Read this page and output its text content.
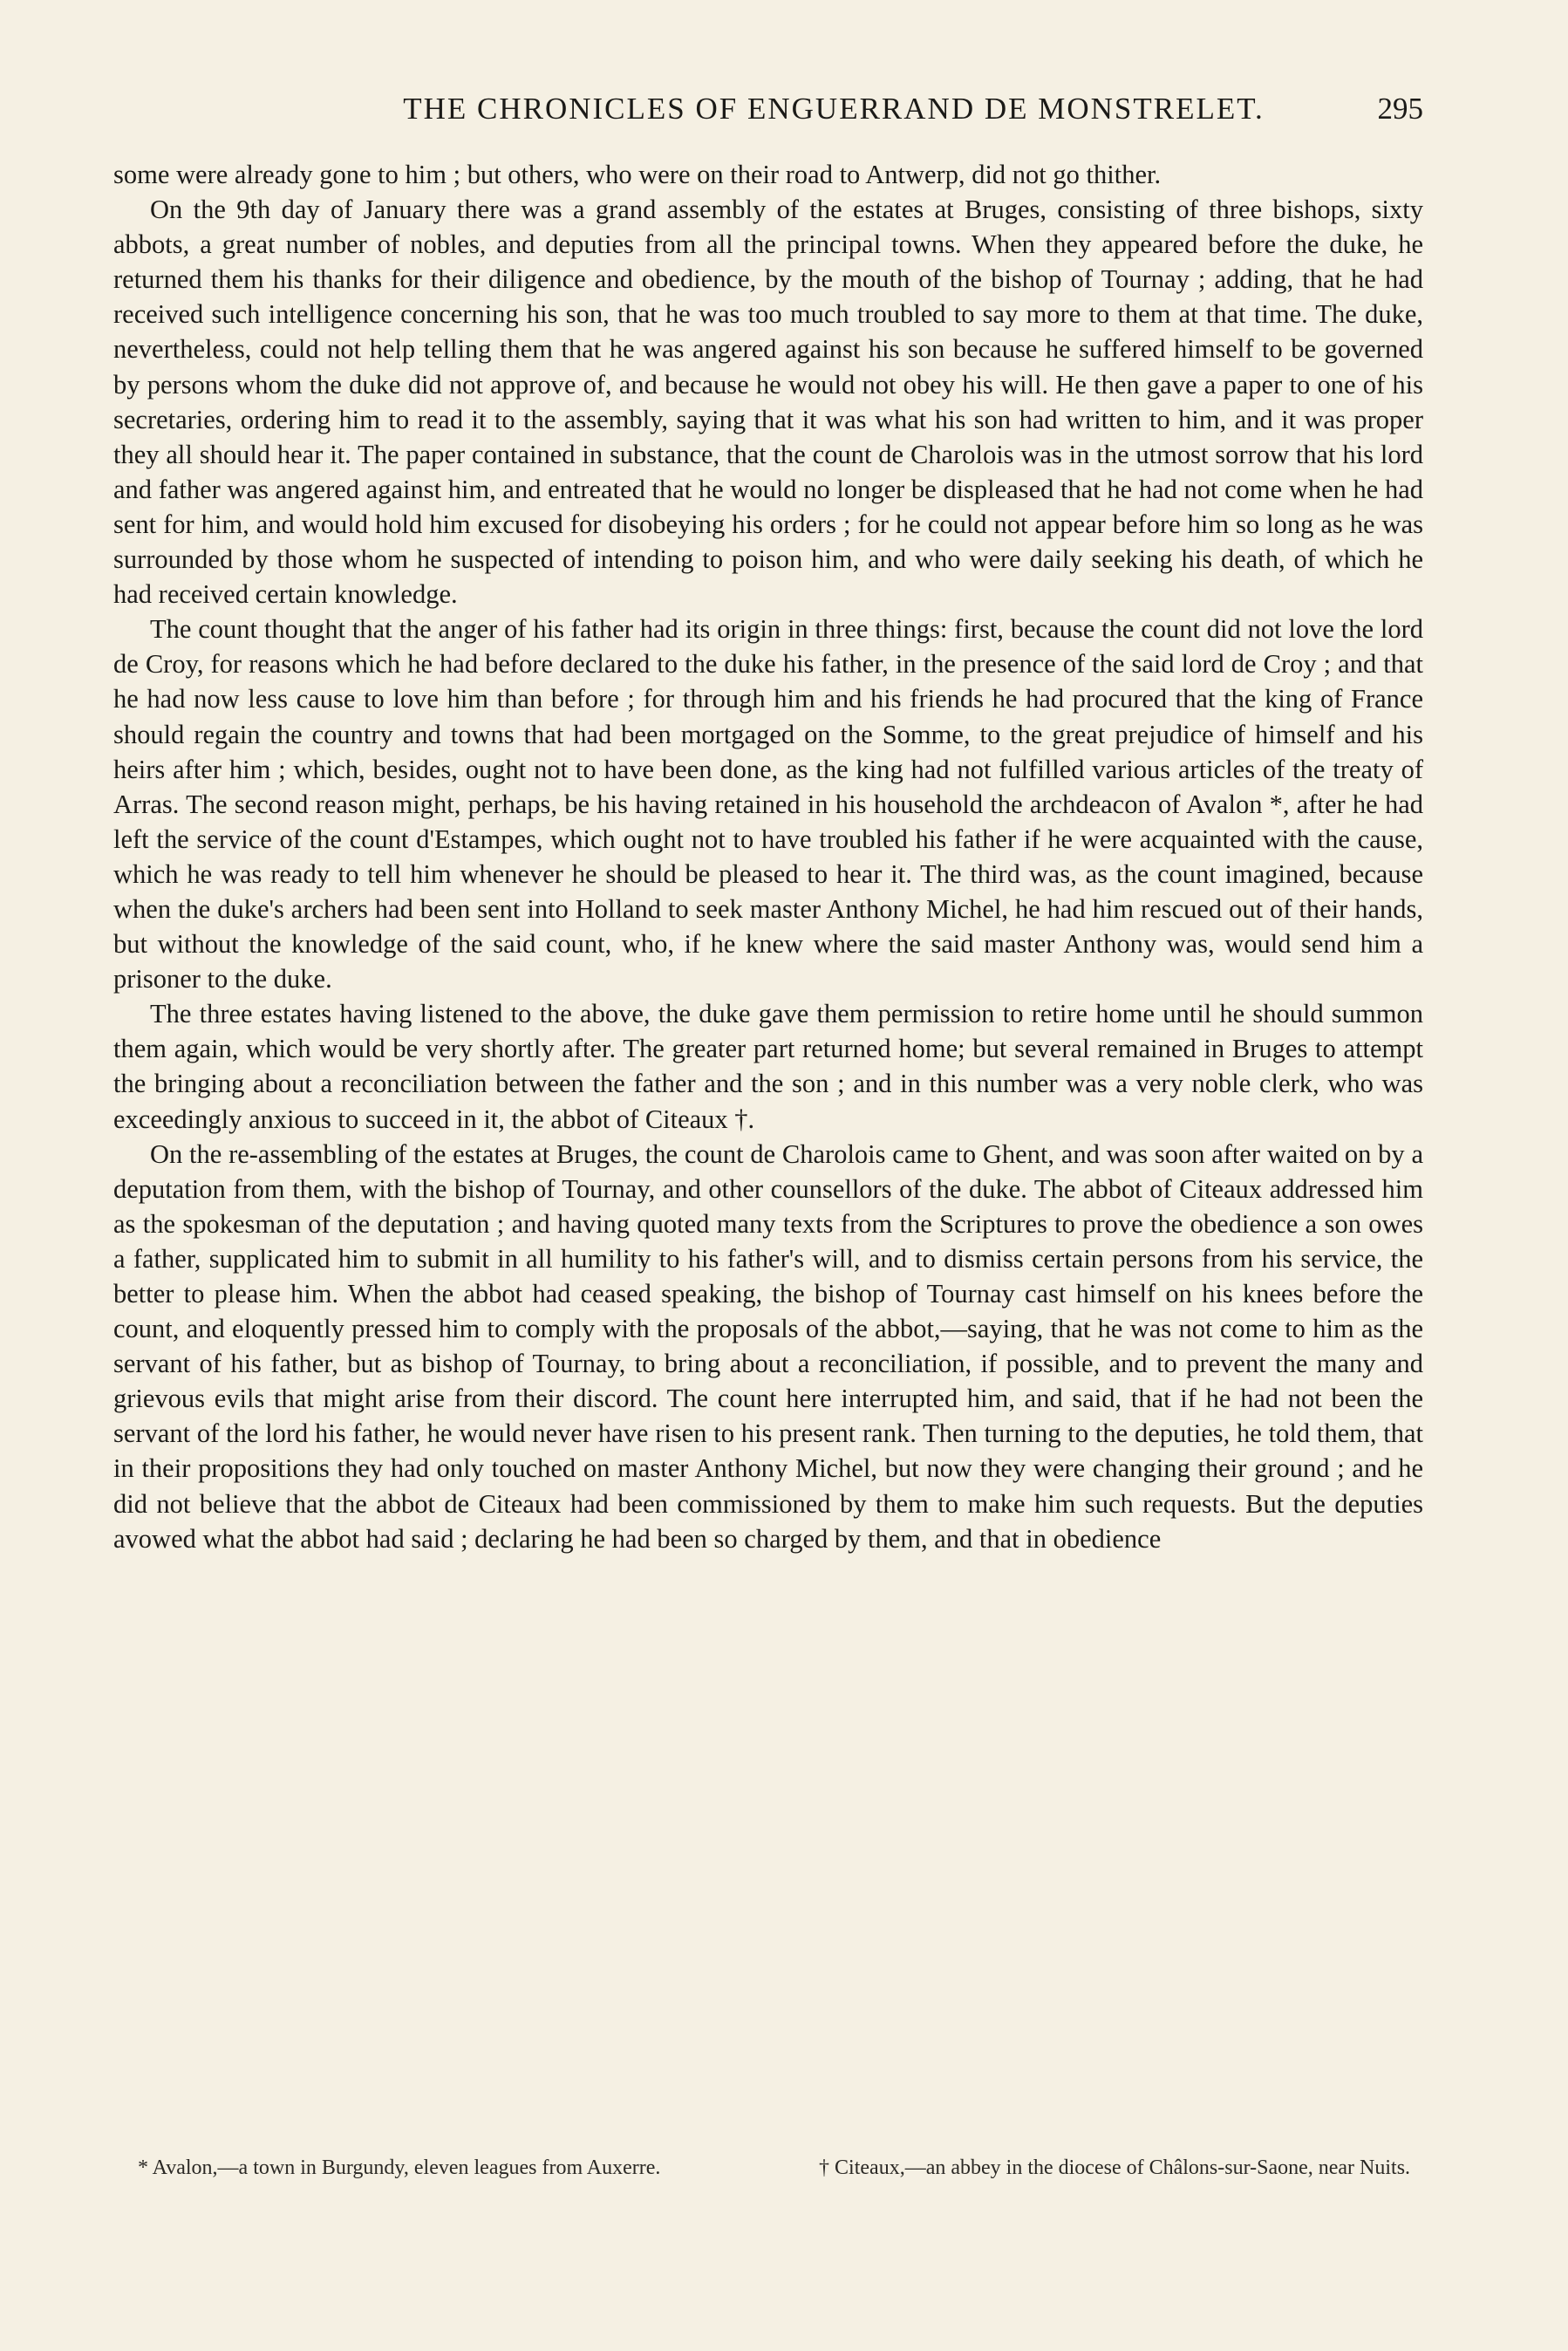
THE CHRONICLES OF ENGUERRAND DE MONSTRELET.	295

some were already gone to him ; but others, who were on their road to Antwerp, did not go thither.

On the 9th day of January there was a grand assembly of the estates at Bruges, consisting of three bishops, sixty abbots, a great number of nobles, and deputies from all the principal towns. When they appeared before the duke, he returned them his thanks for their diligence and obedience, by the mouth of the bishop of Tournay ; adding, that he had received such intelligence concerning his son, that he was too much troubled to say more to them at that time. The duke, nevertheless, could not help telling them that he was angered against his son because he suffered himself to be governed by persons whom the duke did not approve of, and because he would not obey his will. He then gave a paper to one of his secretaries, ordering him to read it to the assembly, saying that it was what his son had written to him, and it was proper they all should hear it. The paper contained in substance, that the count de Charolois was in the utmost sorrow that his lord and father was angered against him, and entreated that he would no longer be displeased that he had not come when he had sent for him, and would hold him excused for disobeying his orders ; for he could not appear before him so long as he was surrounded by those whom he suspected of intending to poison him, and who were daily seeking his death, of which he had received certain knowledge.

The count thought that the anger of his father had its origin in three things: first, because the count did not love the lord de Croy, for reasons which he had before declared to the duke his father, in the presence of the said lord de Croy ; and that he had now less cause to love him than before ; for through him and his friends he had procured that the king of France should regain the country and towns that had been mortgaged on the Somme, to the great prejudice of himself and his heirs after him ; which, besides, ought not to have been done, as the king had not fulfilled various articles of the treaty of Arras. The second reason might, perhaps, be his having retained in his household the archdeacon of Avalon *, after he had left the service of the count d'Estampes, which ought not to have troubled his father if he were acquainted with the cause, which he was ready to tell him whenever he should be pleased to hear it. The third was, as the count imagined, because when the duke's archers had been sent into Holland to seek master Anthony Michel, he had him rescued out of their hands, but without the knowledge of the said count, who, if he knew where the said master Anthony was, would send him a prisoner to the duke.

The three estates having listened to the above, the duke gave them permission to retire home until he should summon them again, which would be very shortly after. The greater part returned home; but several remained in Bruges to attempt the bringing about a reconciliation between the father and the son ; and in this number was a very noble clerk, who was exceedingly anxious to succeed in it, the abbot of Citeaux †.

On the re-assembling of the estates at Bruges, the count de Charolois came to Ghent, and was soon after waited on by a deputation from them, with the bishop of Tournay, and other counsellors of the duke. The abbot of Citeaux addressed him as the spokesman of the deputation ; and having quoted many texts from the Scriptures to prove the obedience a son owes a father, supplicated him to submit in all humility to his father's will, and to dismiss certain persons from his service, the better to please him. When the abbot had ceased speaking, the bishop of Tournay cast himself on his knees before the count, and eloquently pressed him to comply with the proposals of the abbot,—saying, that he was not come to him as the servant of his father, but as bishop of Tournay, to bring about a reconciliation, if possible, and to prevent the many and grievous evils that might arise from their discord. The count here interrupted him, and said, that if he had not been the servant of the lord his father, he would never have risen to his present rank. Then turning to the deputies, he told them, that in their propositions they had only touched on master Anthony Michel, but now they were changing their ground ; and he did not believe that the abbot de Citeaux had been commissioned by them to make him such requests. But the deputies avowed what the abbot had said ; declaring he had been so charged by them, and that in obedience

* Avalon,—a town in Burgundy, eleven leagues from Auxerre.	† Citeaux,—an abbey in the diocese of Châlons-sur-Saone, near Nuits.
